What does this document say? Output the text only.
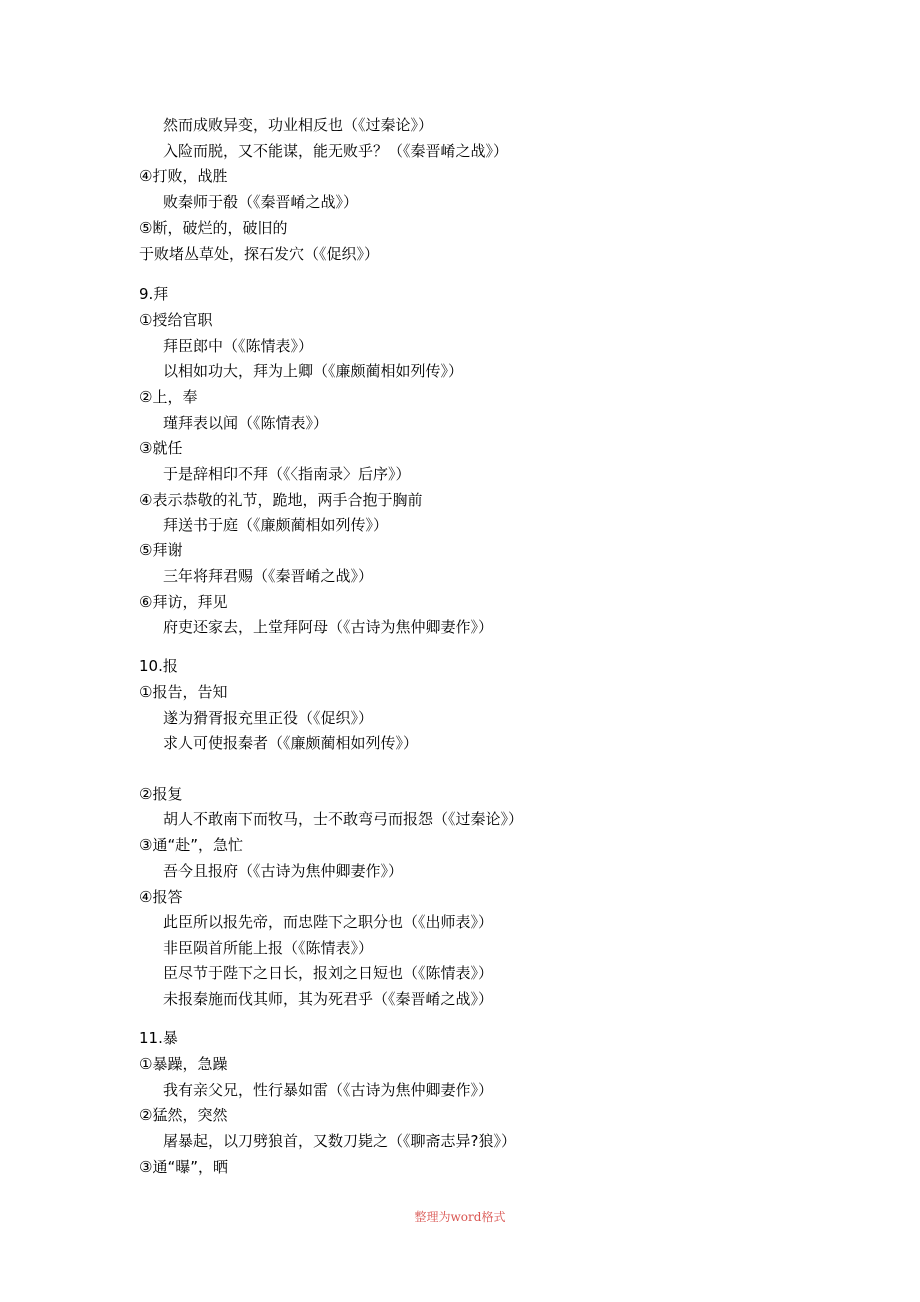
然而成败异变，功业相反也（《过秦论》）
入险而脱，又不能谋，能无败乎？（《秦晋崤之战》）
④打败，战胜
败秦师于殽（《秦晋崤之战》）
⑤断，破烂的，破旧的
于败堵丛草处，探石发穴（《促织》）
9.拜
①授给官职
拜臣郎中（《陈情表》）
以相如功大，拜为上卿（《廉颇蔺相如列传》）
②上，奉
瑾拜表以闻（《陈情表》）
③就任
于是辞相印不拜（《〈指南录〉后序》）
④表示恭敬的礼节，跪地，两手合抱于胸前
拜送书于庭（《廉颇蔺相如列传》）
⑤拜谢
三年将拜君赐（《秦晋崤之战》）
⑥拜访，拜见
府吏还家去，上堂拜阿母（《古诗为焦仲卿妻作》）
10.报
①报告，告知
遂为猾胥报充里正役（《促织》）
求人可使报秦者（《廉颇蔺相如列传》）
②报复
胡人不敢南下而牧马，士不敢弯弓而报怨（《过秦论》）
③通“赴”，急忙
吾今且报府（《古诗为焦仲卿妻作》）
④报答
此臣所以报先帝，而忠陛下之职分也（《出师表》）
非臣陨首所能上报（《陈情表》）
臣尽节于陛下之日长，报刘之日短也（《陈情表》）
未报秦施而伐其师，其为死君乎（《秦晋崤之战》）
11.暴
①暴躁，急躁
我有亲父兄，性行暴如雷（《古诗为焦仲卿妻作》）
②猛然，突然
屠暴起，以刀劈狼首，又数刀毙之（《聊斋志异?狼》）
③通“曝”，晒
整理为word格式
